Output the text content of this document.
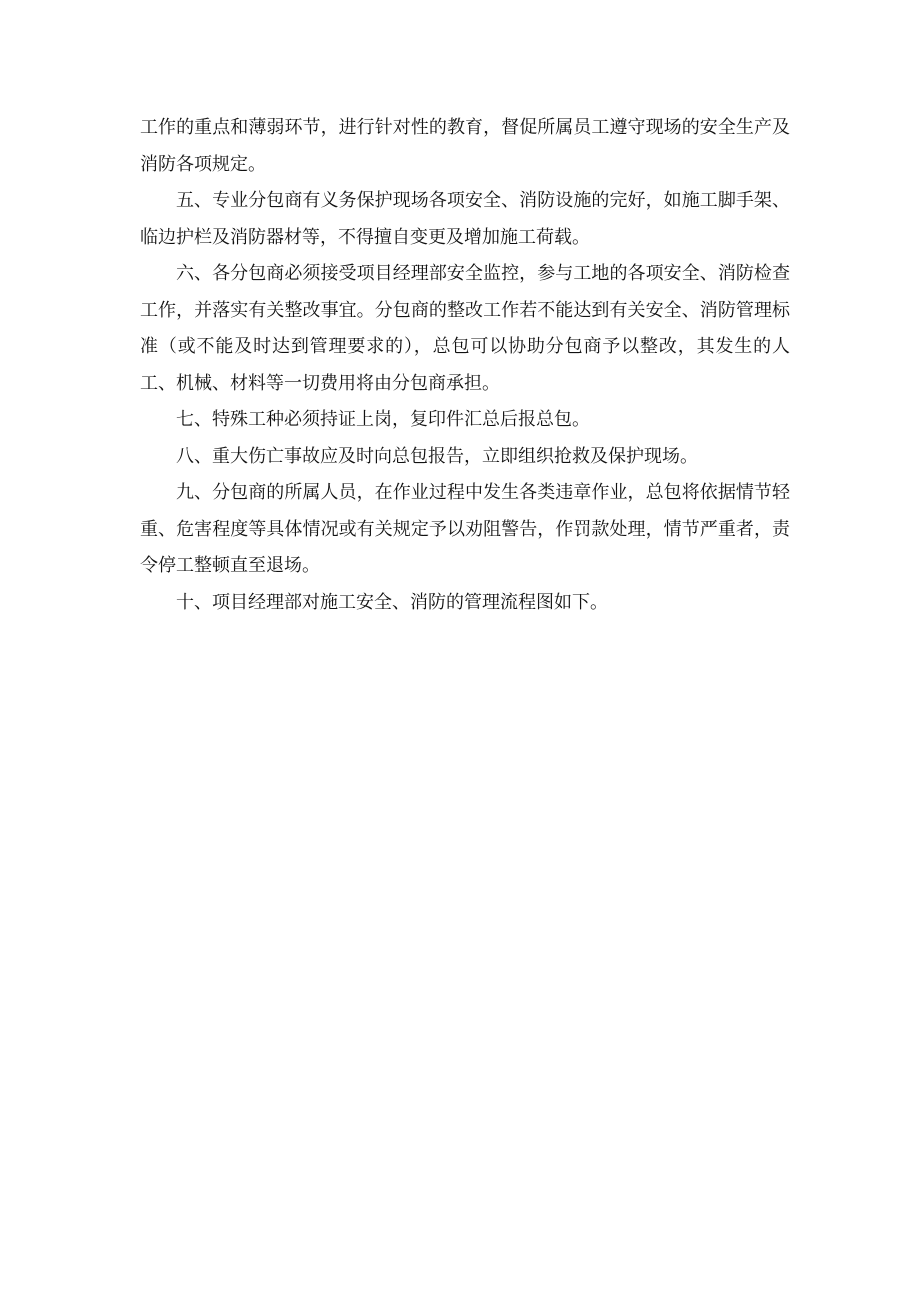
工作的重点和薄弱环节，进行针对性的教育，督促所属员工遵守现场的安全生产及消防各项规定。

五、专业分包商有义务保护现场各项安全、消防设施的完好，如施工脚手架、临边护栏及消防器材等，不得擅自变更及增加施工荷载。

六、各分包商必须接受项目经理部安全监控，参与工地的各项安全、消防检查工作，并落实有关整改事宜。分包商的整改工作若不能达到有关安全、消防管理标准（或不能及时达到管理要求的），总包可以协助分包商予以整改，其发生的人工、机械、材料等一切费用将由分包商承担。

七、特殊工种必须持证上岗，复印件汇总后报总包。

八、重大伤亡事故应及时向总包报告，立即组织抢救及保护现场。

九、分包商的所属人员，在作业过程中发生各类违章作业，总包将依据情节轻重、危害程度等具体情况或有关规定予以劝阻警告，作罚款处理，情节严重者，责令停工整顿直至退场。

十、项目经理部对施工安全、消防的管理流程图如下。
